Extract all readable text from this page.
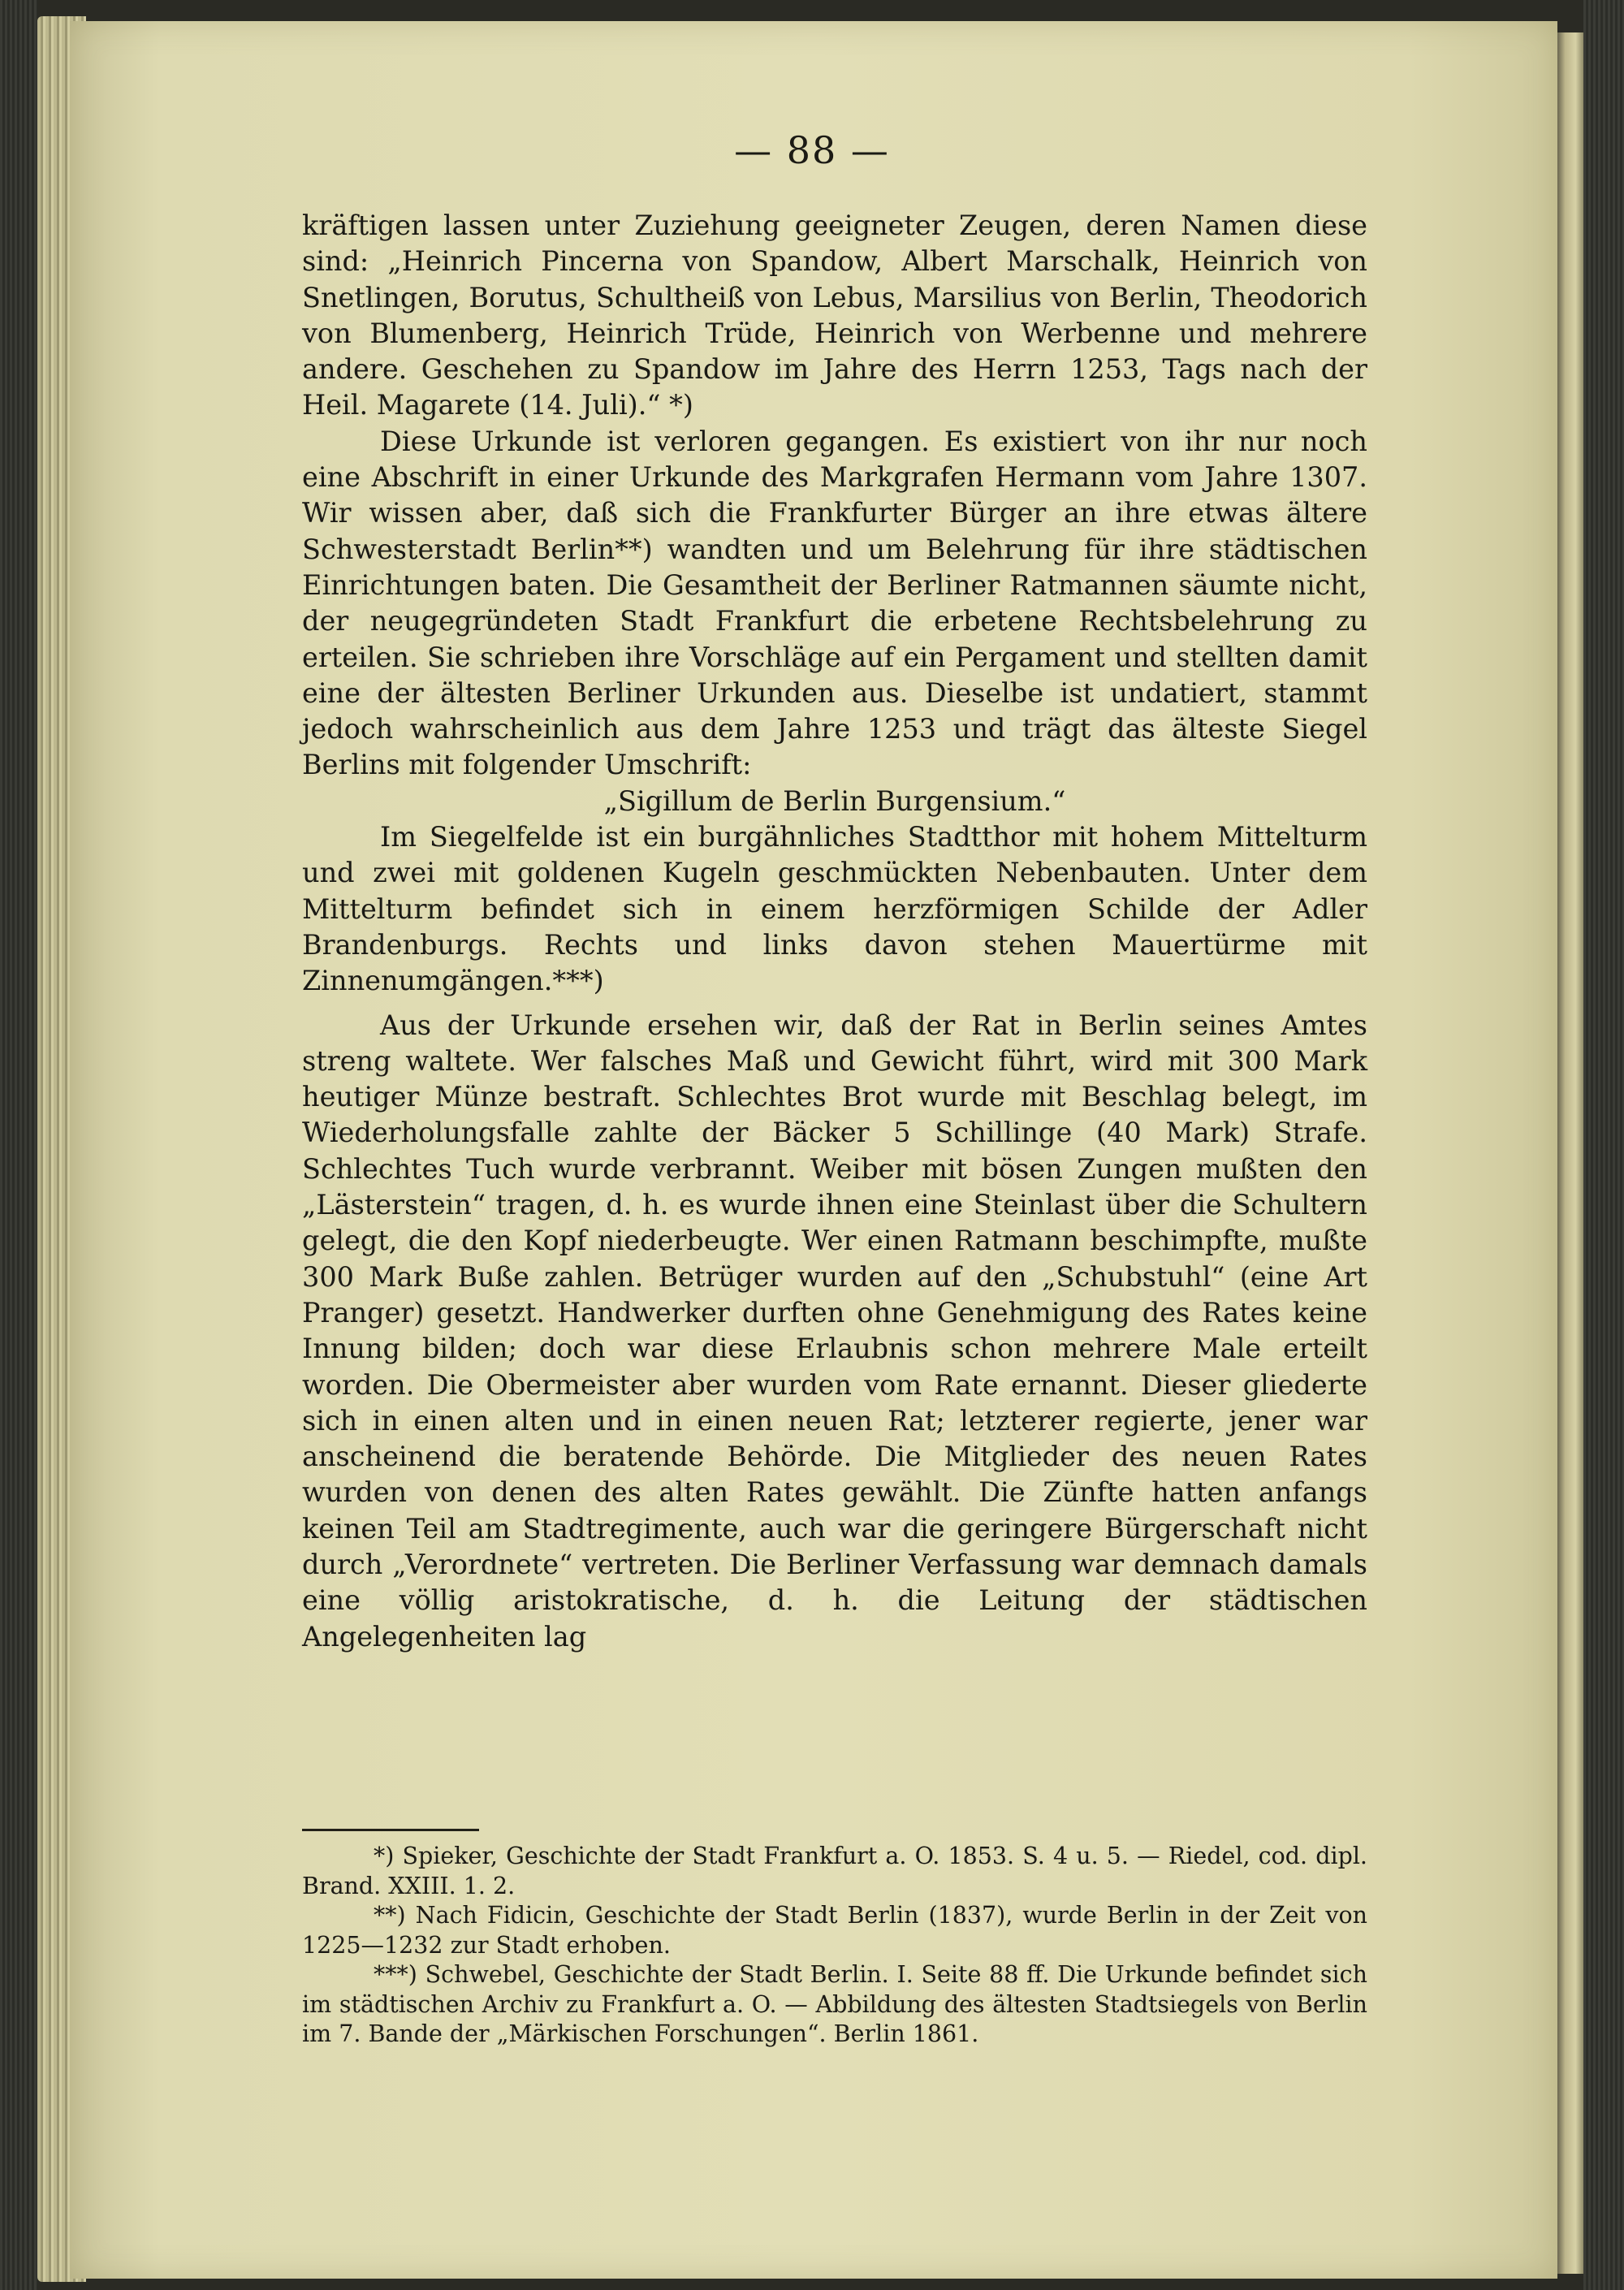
— 88 —

kräftigen lassen unter Zuziehung geeigneter Zeugen, deren Namen diese sind: „Heinrich Pincerna von Spandow, Albert Marschalk, Heinrich von Snetlingen, Borutus, Schultheiß von Lebus, Marsilius von Berlin, Theodorich von Blumenberg, Heinrich Trüde, Heinrich von Werbenne und mehrere andere. Geschehen zu Spandow im Jahre des Herrn 1253, Tags nach der Heil. Magarete (14. Juli).“ *)

Diese Urkunde ist verloren gegangen. Es existiert von ihr nur noch eine Abschrift in einer Urkunde des Markgrafen Hermann vom Jahre 1307. Wir wissen aber, daß sich die Frankfurter Bürger an ihre etwas ältere Schwesterstadt Berlin**) wandten und um Belehrung für ihre städtischen Einrichtungen baten. Die Gesamtheit der Berliner Ratmannen säumte nicht, der neugegründeten Stadt Frankfurt die erbetene Rechtsbelehrung zu erteilen. Sie schrieben ihre Vorschläge auf ein Pergament und stellten damit eine der ältesten Berliner Urkunden aus. Dieselbe ist undatiert, stammt jedoch wahrscheinlich aus dem Jahre 1253 und trägt das älteste Siegel Berlins mit folgender Umschrift:

„Sigillum de Berlin Burgensium.“

Im Siegelfelde ist ein burgähnliches Stadtthor mit hohem Mittelturm und zwei mit goldenen Kugeln geschmückten Nebenbauten. Unter dem Mittelturm befindet sich in einem herzförmigen Schilde der Adler Brandenburgs. Rechts und links davon stehen Mauertürme mit Zinnenumgängen.***)

Aus der Urkunde ersehen wir, daß der Rat in Berlin seines Amtes streng waltete. Wer falsches Maß und Gewicht führt, wird mit 300 Mark heutiger Münze bestraft. Schlechtes Brot wurde mit Beschlag belegt, im Wiederholungsfalle zahlte der Bäcker 5 Schillinge (40 Mark) Strafe. Schlechtes Tuch wurde verbrannt. Weiber mit bösen Zungen mußten den „Lästerstein“ tragen, d. h. es wurde ihnen eine Steinlast über die Schultern gelegt, die den Kopf niederbeugte. Wer einen Ratmann beschimpfte, mußte 300 Mark Buße zahlen. Betrüger wurden auf den „Schubstuhl“ (eine Art Pranger) gesetzt. Handwerker durften ohne Genehmigung des Rates keine Innung bilden; doch war diese Erlaubnis schon mehrere Male erteilt worden. Die Obermeister aber wurden vom Rate ernannt. Dieser gliederte sich in einen alten und in einen neuen Rat; letzterer regierte, jener war anscheinend die beratende Behörde. Die Mitglieder des neuen Rates wurden von denen des alten Rates gewählt. Die Zünfte hatten anfangs keinen Teil am Stadtregimente, auch war die geringere Bürgerschaft nicht durch „Verordnete“ vertreten. Die Berliner Verfassung war demnach damals eine völlig aristokratische, d. h. die Leitung der städtischen Angelegenheiten lag

*) Spieker, Geschichte der Stadt Frankfurt a. O. 1853. S. 4 u. 5. — Riedel, cod. dipl. Brand. XXIII. 1. 2.

**) Nach Fidicin, Geschichte der Stadt Berlin (1837), wurde Berlin in der Zeit von 1225—1232 zur Stadt erhoben.

***) Schwebel, Geschichte der Stadt Berlin. I. Seite 88 ff. Die Urkunde befindet sich im städtischen Archiv zu Frankfurt a. O. — Abbildung des ältesten Stadtsiegels von Berlin im 7. Bande der „Märkischen Forschungen“. Berlin 1861.
